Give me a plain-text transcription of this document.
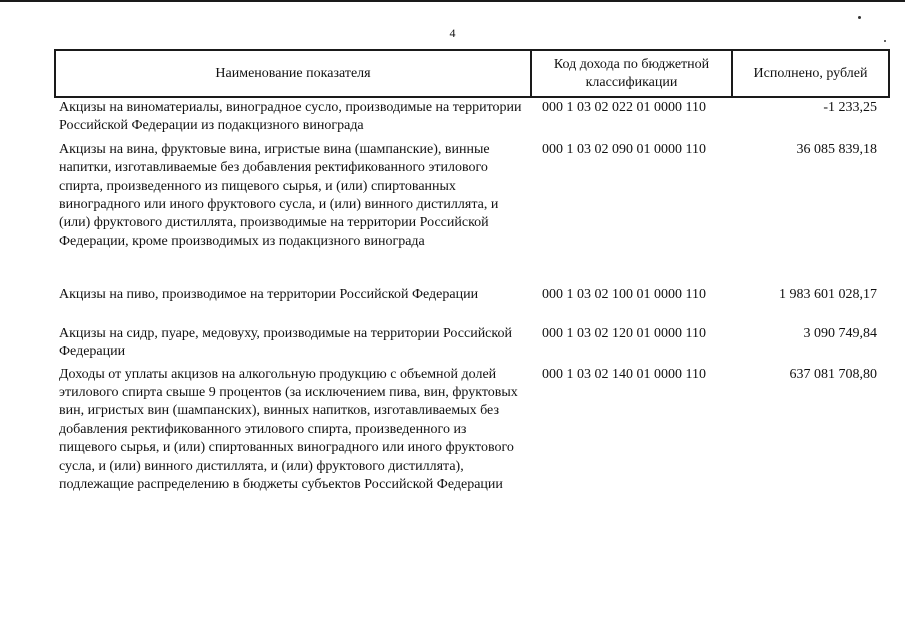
4
Наименование показателя	Код дохода по бюджетной классификации	Исполнено, рублей
Акцизы на виноматериалы, виноградное сусло, производимые на территории Российской Федерации из подакцизного винограда	000 1 03 02 022 01 0000 110	-1 233,25
Акцизы на вина, фруктовые вина, игристые вина (шампанские), винные напитки, изготавливаемые без добавления ректификованного этилового спирта, произведенного из пищевого сырья, и (или) спиртованных виноградного или иного фруктового сусла, и (или) винного дистиллята, и (или) фруктового дистиллята, производимые на территории Российской Федерации, кроме производимых из подакцизного винограда	000 1 03 02 090 01 0000 110	36 085 839,18
Акцизы на пиво, производимое на территории Российской Федерации	000 1 03 02 100 01 0000 110	1 983 601 028,17
Акцизы на сидр, пуаре, медовуху, производимые на территории Российской Федерации	000 1 03 02 120 01 0000 110	3 090 749,84
Доходы от уплаты акцизов на алкогольную продукцию с объемной долей этилового спирта свыше 9 процентов (за исключением пива, вин, фруктовых вин, игристых вин (шампанских), винных напитков, изготавливаемых без добавления ректификованного этилового спирта, произведенного из пищевого сырья, и (или) спиртованных виноградного или иного фруктового сусла, и (или) винного дистиллята, и (или) фруктового дистиллята), подлежащие распределению в бюджеты субъектов Российской Федерации	000 1 03 02 140 01 0000 110	637 081 708,80
